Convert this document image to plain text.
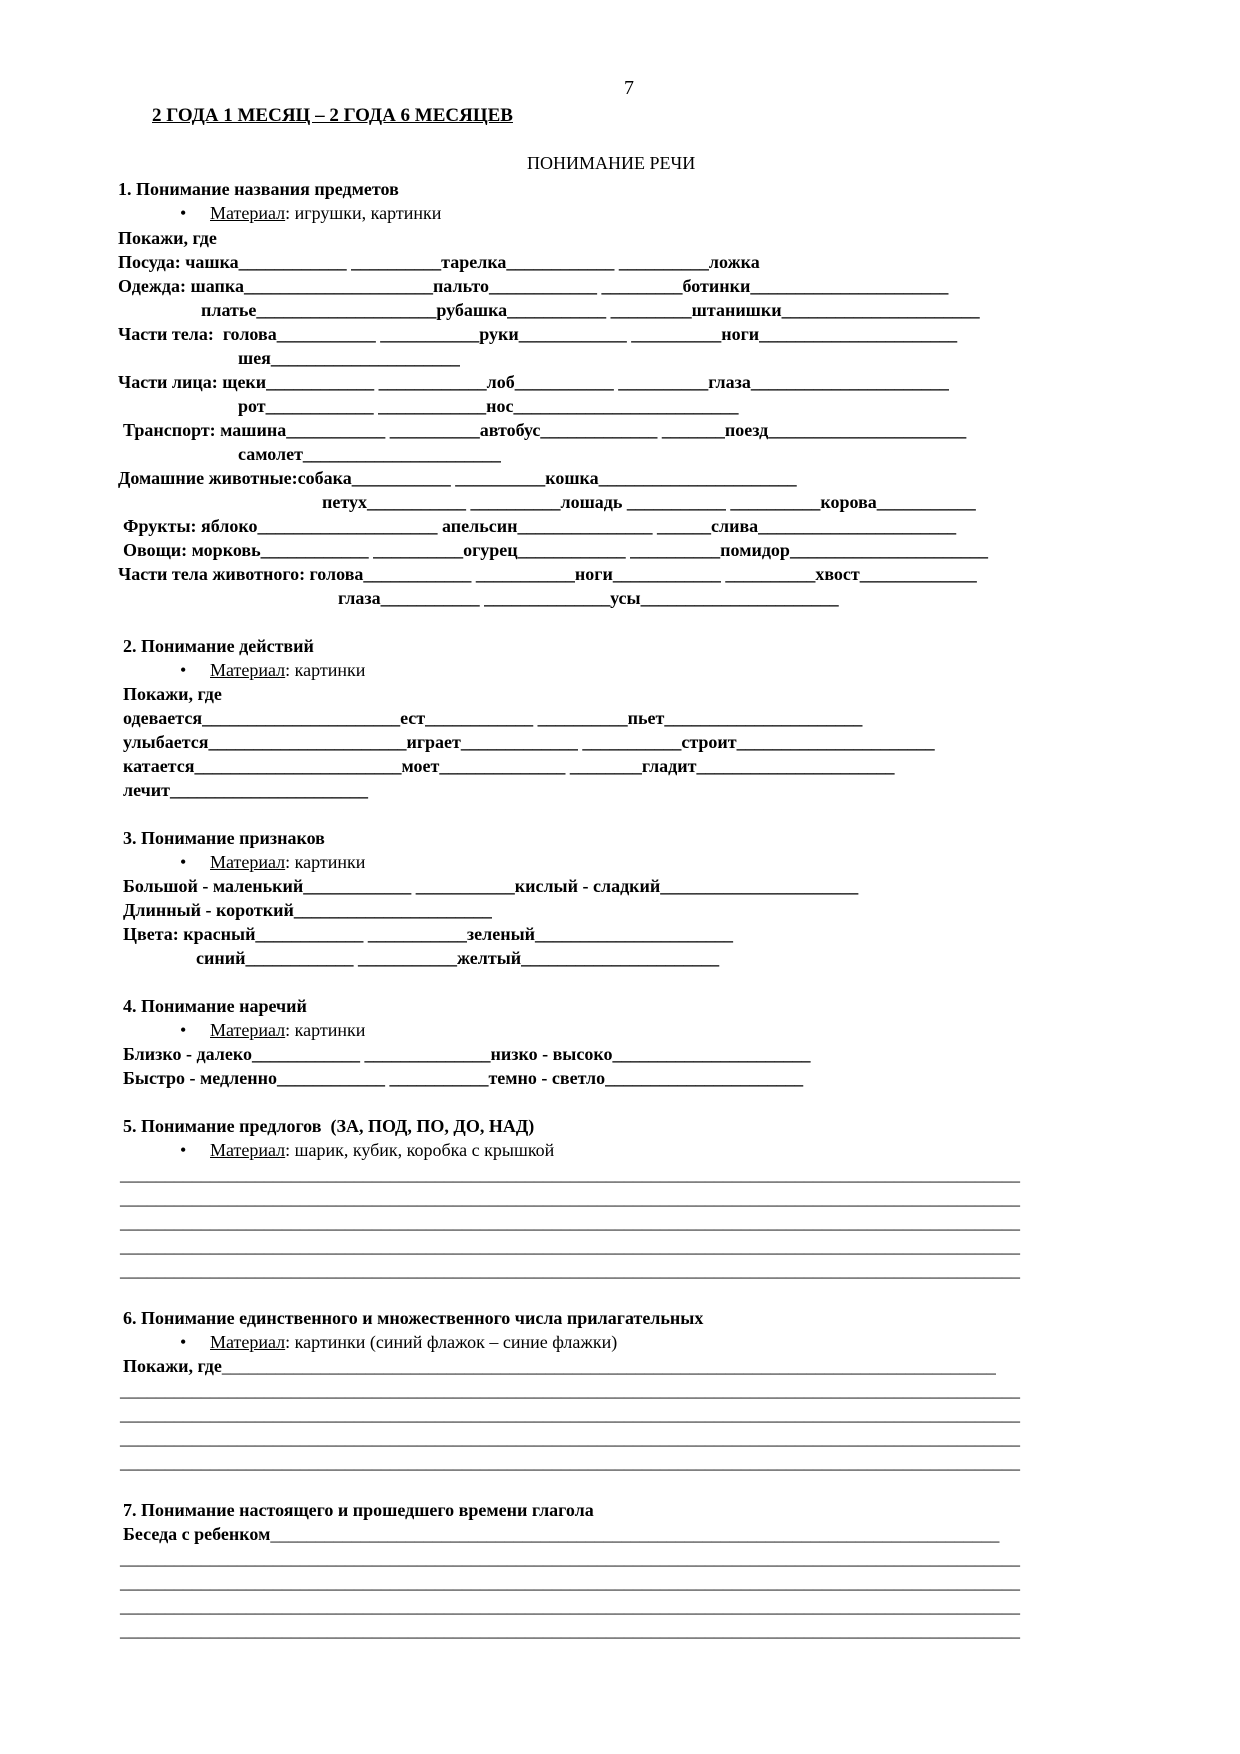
7

2 ГОДА 1 МЕСЯЦ – 2 ГОДА 6 МЕСЯЦЕВ

ПОНИМАНИЕ РЕЧИ

1. Понимание названия предметов

• Материал: игрушки, картинки

Покажи, где

Посуда: чашка____________ __________тарелка____________ __________ложка

Одежда: шапка_____________________пальто____________ _________ботинки______________________

платье____________________рубашка___________ _________штанишки______________________

Части тела:  голова___________ ___________руки____________ __________ноги______________________

шея_____________________

Части лица: щеки____________ ____________лоб___________ __________глаза______________________

рот____________ ____________нос_________________________

Транспорт: машина___________ __________автобус_____________ _______поезд______________________

самолет______________________

Домашние животные:собака___________ __________кошка______________________

петух___________ __________лошадь ___________ __________корова___________

Фрукты: яблоко____________________ апельсин_______________ ______слива______________________

Овощи: морковь____________ __________огурец____________ __________помидор______________________

Части тела животного: голова____________ ___________ноги____________ __________хвост_____________

глаза___________ ______________усы______________________

2. Понимание действий

• Материал: картинки

Покажи, где

одевается______________________ест____________ __________пьет______________________

улыбается______________________играет_____________ ___________строит______________________

катается_______________________моет______________ ________гладит______________________

лечит______________________

3. Понимание признаков

• Материал: картинки

Большой - маленький____________ ___________кислый - сладкий______________________

Длинный - короткий______________________

Цвета: красный____________ ___________зеленый______________________

синий____________ ___________желтый______________________

4. Понимание наречий

• Материал: картинки

Близко - далеко____________ ______________низко - высоко______________________

Быстро - медленно____________ ___________темно - светло______________________

5. Понимание предлогов  (ЗА, ПОД, ПО, ДО, НАД)

• Материал: шарик, кубик, коробка с крышкой

____________________________________________________________________________________________________

____________________________________________________________________________________________________

____________________________________________________________________________________________________

____________________________________________________________________________________________________

____________________________________________________________________________________________________

6. Понимание единственного и множественного числа прилагательных

• Материал: картинки (синий флажок – синие флажки)

Покажи, где______________________________________________________________________________________

____________________________________________________________________________________________________

____________________________________________________________________________________________________

____________________________________________________________________________________________________

____________________________________________________________________________________________________

7. Понимание настоящего и прошедшего времени глагола

Беседа с ребенком_________________________________________________________________________________

____________________________________________________________________________________________________

____________________________________________________________________________________________________

____________________________________________________________________________________________________

____________________________________________________________________________________________________
